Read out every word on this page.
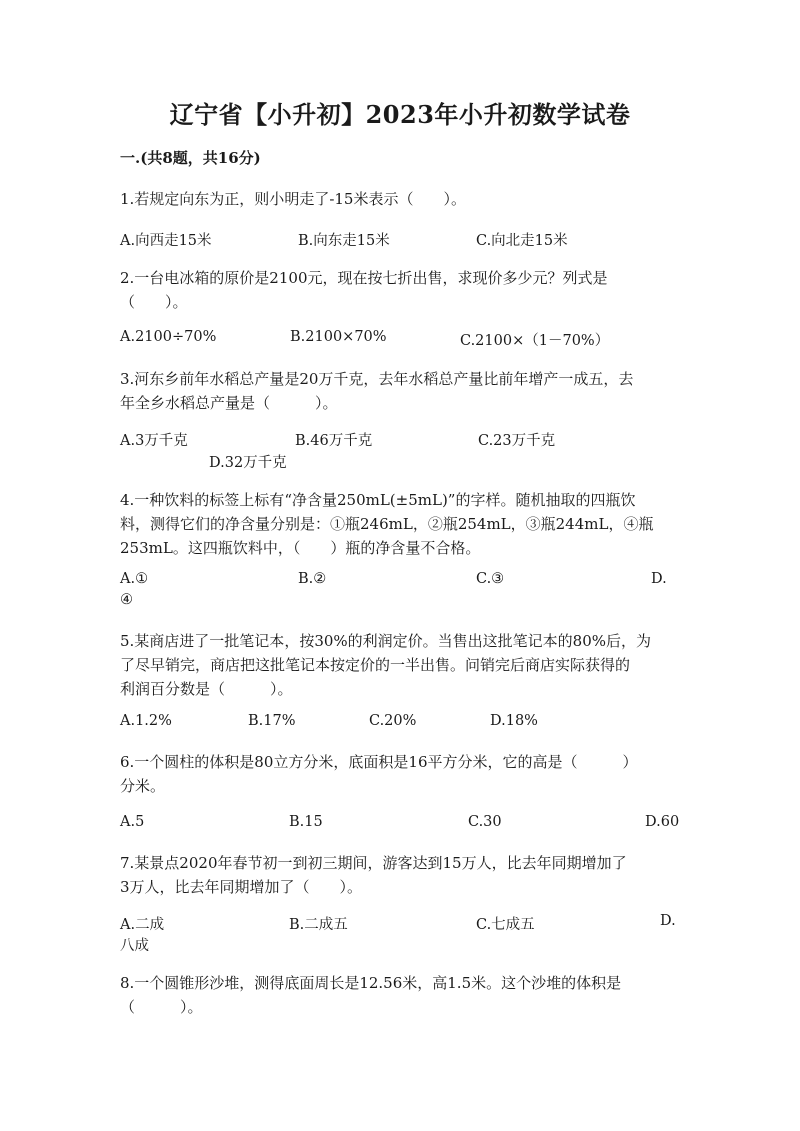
辽宁省【小升初】2023年小升初数学试卷
一.(共8题，共16分)
1.若规定向东为正，则小明走了-15米表示（　　）。
A.向西走15米	B.向东走15米	C.向北走15米
2.一台电冰箱的原价是2100元，现在按七折出售，求现价多少元？列式是
（　　）。
A.2100÷70%	B.2100×70%	C.2100×（1－70%）
3.河东乡前年水稻总产量是20万千克，去年水稻总产量比前年增产一成五，去
年全乡水稻总产量是（　　　）。
A.3万千克	B.46万千克	C.23万千克
D.32万千克
4.一种饮料的标签上标有“净含量250mL(±5mL)”的字样。随机抽取的四瓶饮
料，测得它们的净含量分别是：①瓶246mL，②瓶254mL，③瓶244mL，④瓶
253mL。这四瓶饮料中，（　　）瓶的净含量不合格。
A.①	B.②	C.③	D.
④
5.某商店进了一批笔记本，按30%的利润定价。当售出这批笔记本的80%后，为
了尽早销完，商店把这批笔记本按定价的一半出售。问销完后商店实际获得的
利润百分数是（　　　）。
A.1.2%	B.17%	C.20%	D.18%
6.一个圆柱的体积是80立方分米，底面积是16平方分米，它的高是（　　　）
分米。
A.5	B.15	C.30	D.60
7.某景点2020年春节初一到初三期间，游客达到15万人，比去年同期增加了
3万人，比去年同期增加了（　　）。
A.二成	B.二成五	C.七成五	D.
八成
8.一个圆锥形沙堆，测得底面周长是12.56米，高1.5米。这个沙堆的体积是
（　　　）。
